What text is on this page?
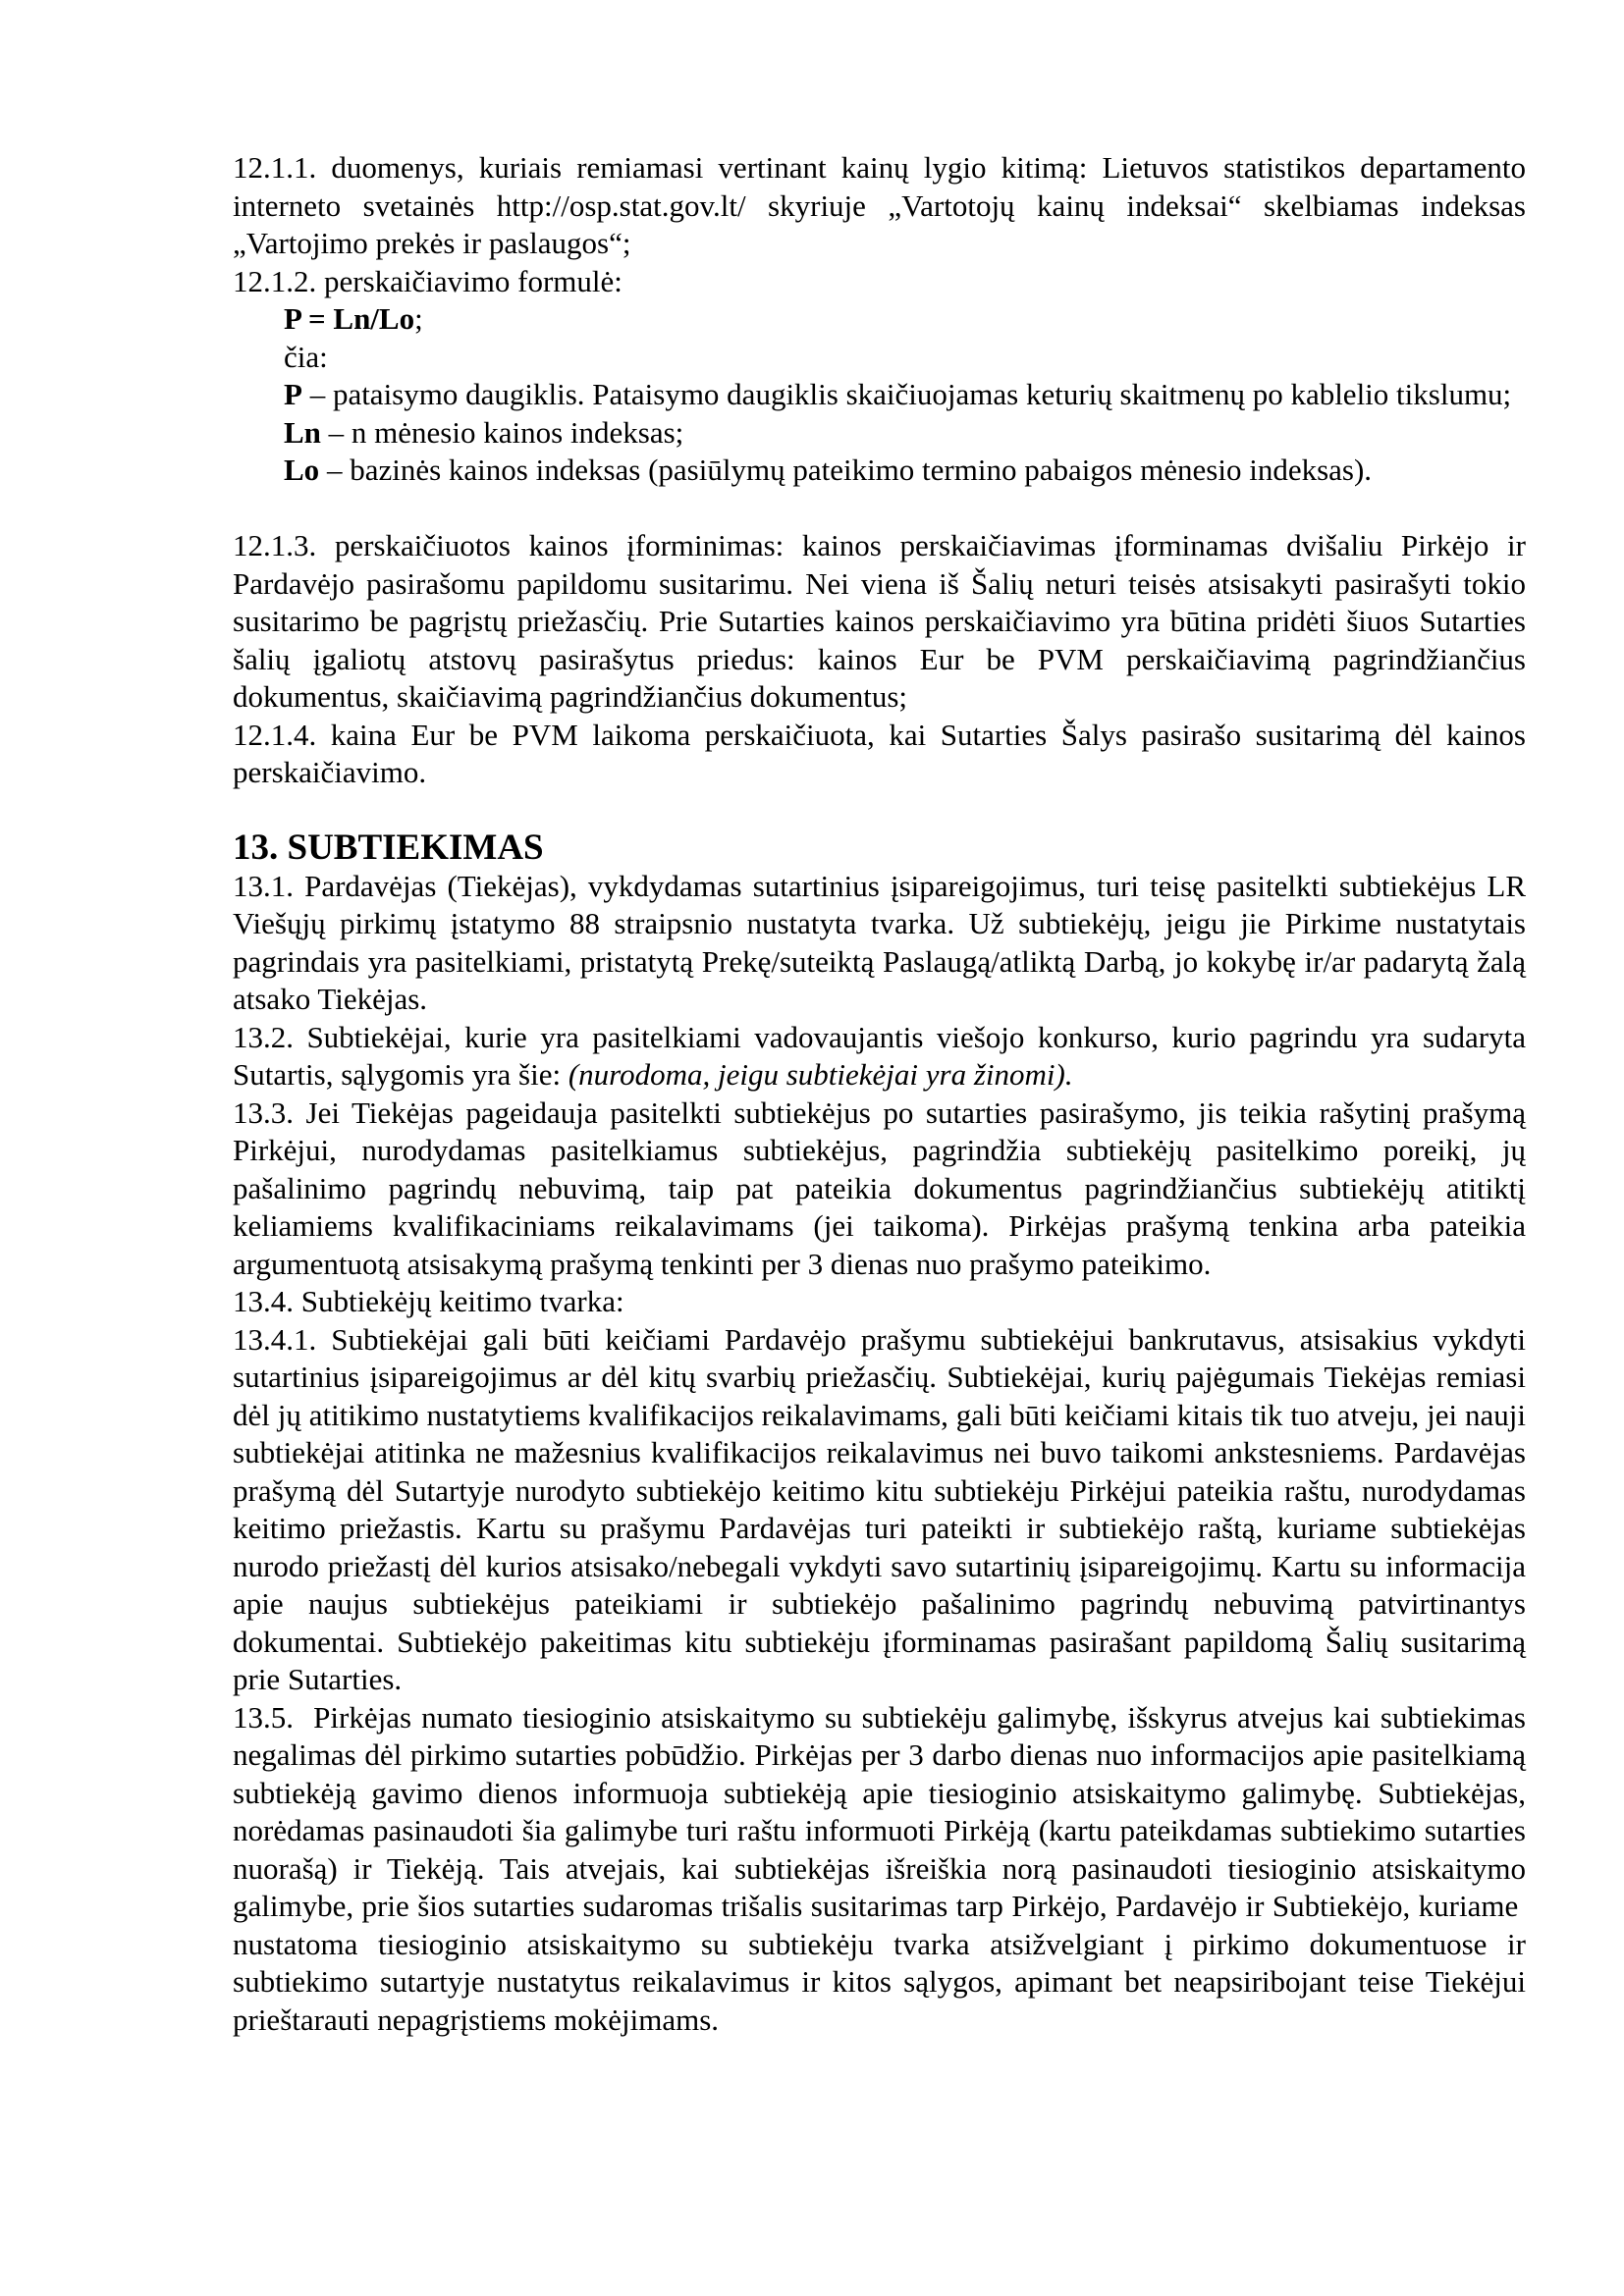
12.1.1. duomenys, kuriais remiamasi vertinant kainų lygio kitimą: Lietuvos statistikos departamento interneto svetainės http://osp.stat.gov.lt/ skyriuje „Vartotojų kainų indeksai“ skelbiamas indeksas „Vartojimo prekės ir paslaugos“;

12.1.2. perskaičiavimo formulė:

P = Ln/Lo;

čia:

P – pataisymo daugiklis. Pataisymo daugiklis skaičiuojamas keturių skaitmenų po kablelio tikslumu;

Ln – n mėnesio kainos indeksas;

Lo – bazinės kainos indeksas (pasiūlymų pateikimo termino pabaigos mėnesio indeksas).

12.1.3. perskaičiuotos kainos įforminimas: kainos perskaičiavimas įforminamas dvišaliu Pirkėjo ir Pardavėjo pasirašomu papildomu susitarimu. Nei viena iš Šalių neturi teisės atsisakyti pasirašyti tokio susitarimo be pagrįstų priežasčių. Prie Sutarties kainos perskaičiavimo yra būtina pridėti šiuos Sutarties šalių įgaliotų atstovų pasirašytus priedus: kainos Eur be PVM perskaičiavimą pagrindžiančius dokumentus, skaičiavimą pagrindžiančius dokumentus;

12.1.4. kaina Eur be PVM laikoma perskaičiuota, kai Sutarties Šalys pasirašo susitarimą dėl kainos perskaičiavimo.

13. SUBTIEKIMAS

13.1. Pardavėjas (Tiekėjas), vykdydamas sutartinius įsipareigojimus, turi teisę pasitelkti subtiekėjus LR Viešųjų pirkimų įstatymo 88 straipsnio nustatyta tvarka. Už subtiekėjų, jeigu jie Pirkime nustatytais pagrindais yra pasitelkiami, pristatytą Prekę/suteiktą Paslaugą/atliktą Darbą, jo kokybę ir/ar padarytą žalą atsako Tiekėjas.

13.2. Subtiekėjai, kurie yra pasitelkiami vadovaujantis viešojo konkurso, kurio pagrindu yra sudaryta Sutartis, sąlygomis yra šie: (nurodoma, jeigu subtiekėjai yra žinomi).

13.3. Jei Tiekėjas pageidauja pasitelkti subtiekėjus po sutarties pasirašymo, jis teikia rašytinį prašymą Pirkėjui, nurodydamas pasitelkiamus subtiekėjus, pagrindžia subtiekėjų pasitelkimo poreikį, jų pašalinimo pagrindų nebuvimą, taip pat pateikia dokumentus pagrindžiančius subtiekėjų atitiktį keliamiems kvalifikaciniams reikalavimams (jei taikoma). Pirkėjas prašymą tenkina arba pateikia argumentuotą atsisakymą prašymą tenkinti per 3 dienas nuo prašymo pateikimo.

13.4. Subtiekėjų keitimo tvarka:

13.4.1. Subtiekėjai gali būti keičiami Pardavėjo prašymu subtiekėjui bankrutavus, atsisakius vykdyti sutartinius įsipareigojimus ar dėl kitų svarbių priežasčių. Subtiekėjai, kurių pajėgumais Tiekėjas remiasi dėl jų atitikimo nustatytiems kvalifikacijos reikalavimams, gali būti keičiami kitais tik tuo atveju, jei nauji subtiekėjai atitinka ne mažesnius kvalifikacijos reikalavimus nei buvo taikomi ankstesniems. Pardavėjas prašymą dėl Sutartyje nurodyto subtiekėjo keitimo kitu subtiekėju Pirkėjui pateikia raštu, nurodydamas keitimo priežastis. Kartu su prašymu Pardavėjas turi pateikti ir subtiekėjo raštą, kuriame subtiekėjas nurodo priežastį dėl kurios atsisako/nebegali vykdyti savo sutartinių įsipareigojimų. Kartu su informacija apie naujus subtiekėjus pateikiami ir subtiekėjo pašalinimo pagrindų nebuvimą patvirtinantys dokumentai. Subtiekėjo pakeitimas kitu subtiekėju įforminamas pasirašant papildomą Šalių susitarimą prie Sutarties.

13.5.  Pirkėjas numato tiesioginio atsiskaitymo su subtiekėju galimybę, išskyrus atvejus kai subtiekimas negalimas dėl pirkimo sutarties pobūdžio. Pirkėjas per 3 darbo dienas nuo informacijos apie pasitelkiamą subtiekėją gavimo dienos informuoja subtiekėją apie tiesioginio atsiskaitymo galimybę. Subtiekėjas, norėdamas pasinaudoti šia galimybe turi raštu informuoti Pirkėją (kartu pateikdamas subtiekimo sutarties nuorašą) ir Tiekėją. Tais atvejais, kai subtiekėjas išreiškia norą pasinaudoti tiesioginio atsiskaitymo galimybe, prie šios sutarties sudaromas trišalis susitarimas tarp Pirkėjo, Pardavėjo ir Subtiekėjo, kuriame  nustatoma tiesioginio atsiskaitymo su subtiekėju tvarka atsižvelgiant į pirkimo dokumentuose ir subtiekimo sutartyje nustatytus reikalavimus ir kitos sąlygos, apimant bet neapsiribojant teise Tiekėjui prieštarauti nepagrįstiems mokėjimams.
